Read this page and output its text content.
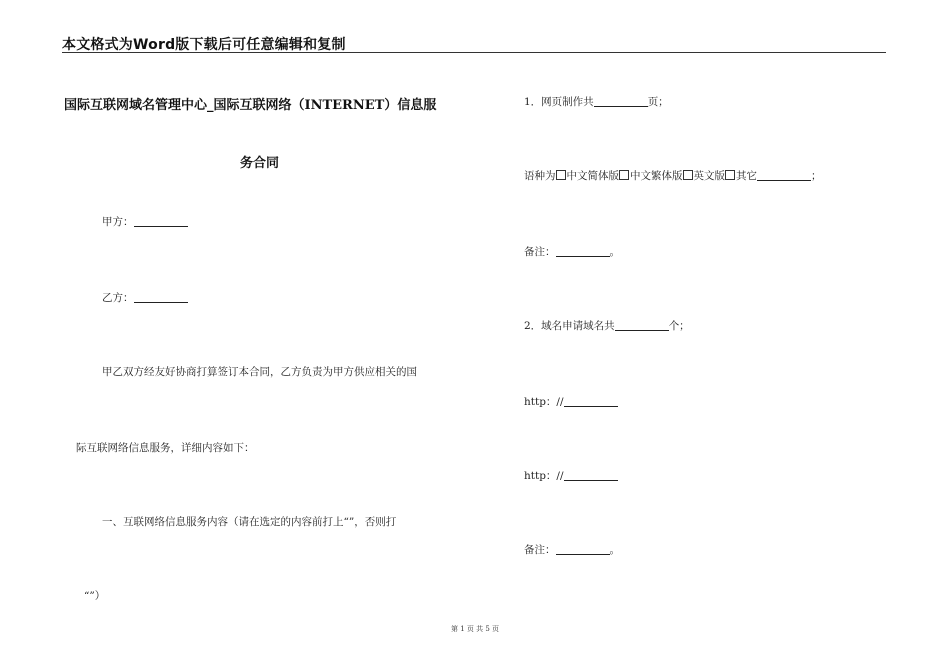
本文格式为Word版下载后可任意编辑和复制
国际互联网域名管理中心_国际互联网络（INTERNET）信息服
务合同
甲方：
乙方：
甲乙双方经友好协商打算签订本合同，乙方负责为甲方供应相关的国
际互联网络信息服务，详细内容如下：
一、互联网络信息服务内容（请在选定的内容前打上“”，否则打
“”）
1．网页制作共	页；
语种为 中文简体版 中文繁体版 英文版 其它	；
备注：	。
2．域名申请域名共	个；
http：//
http：//
备注：	。
第 1 页 共 5 页
